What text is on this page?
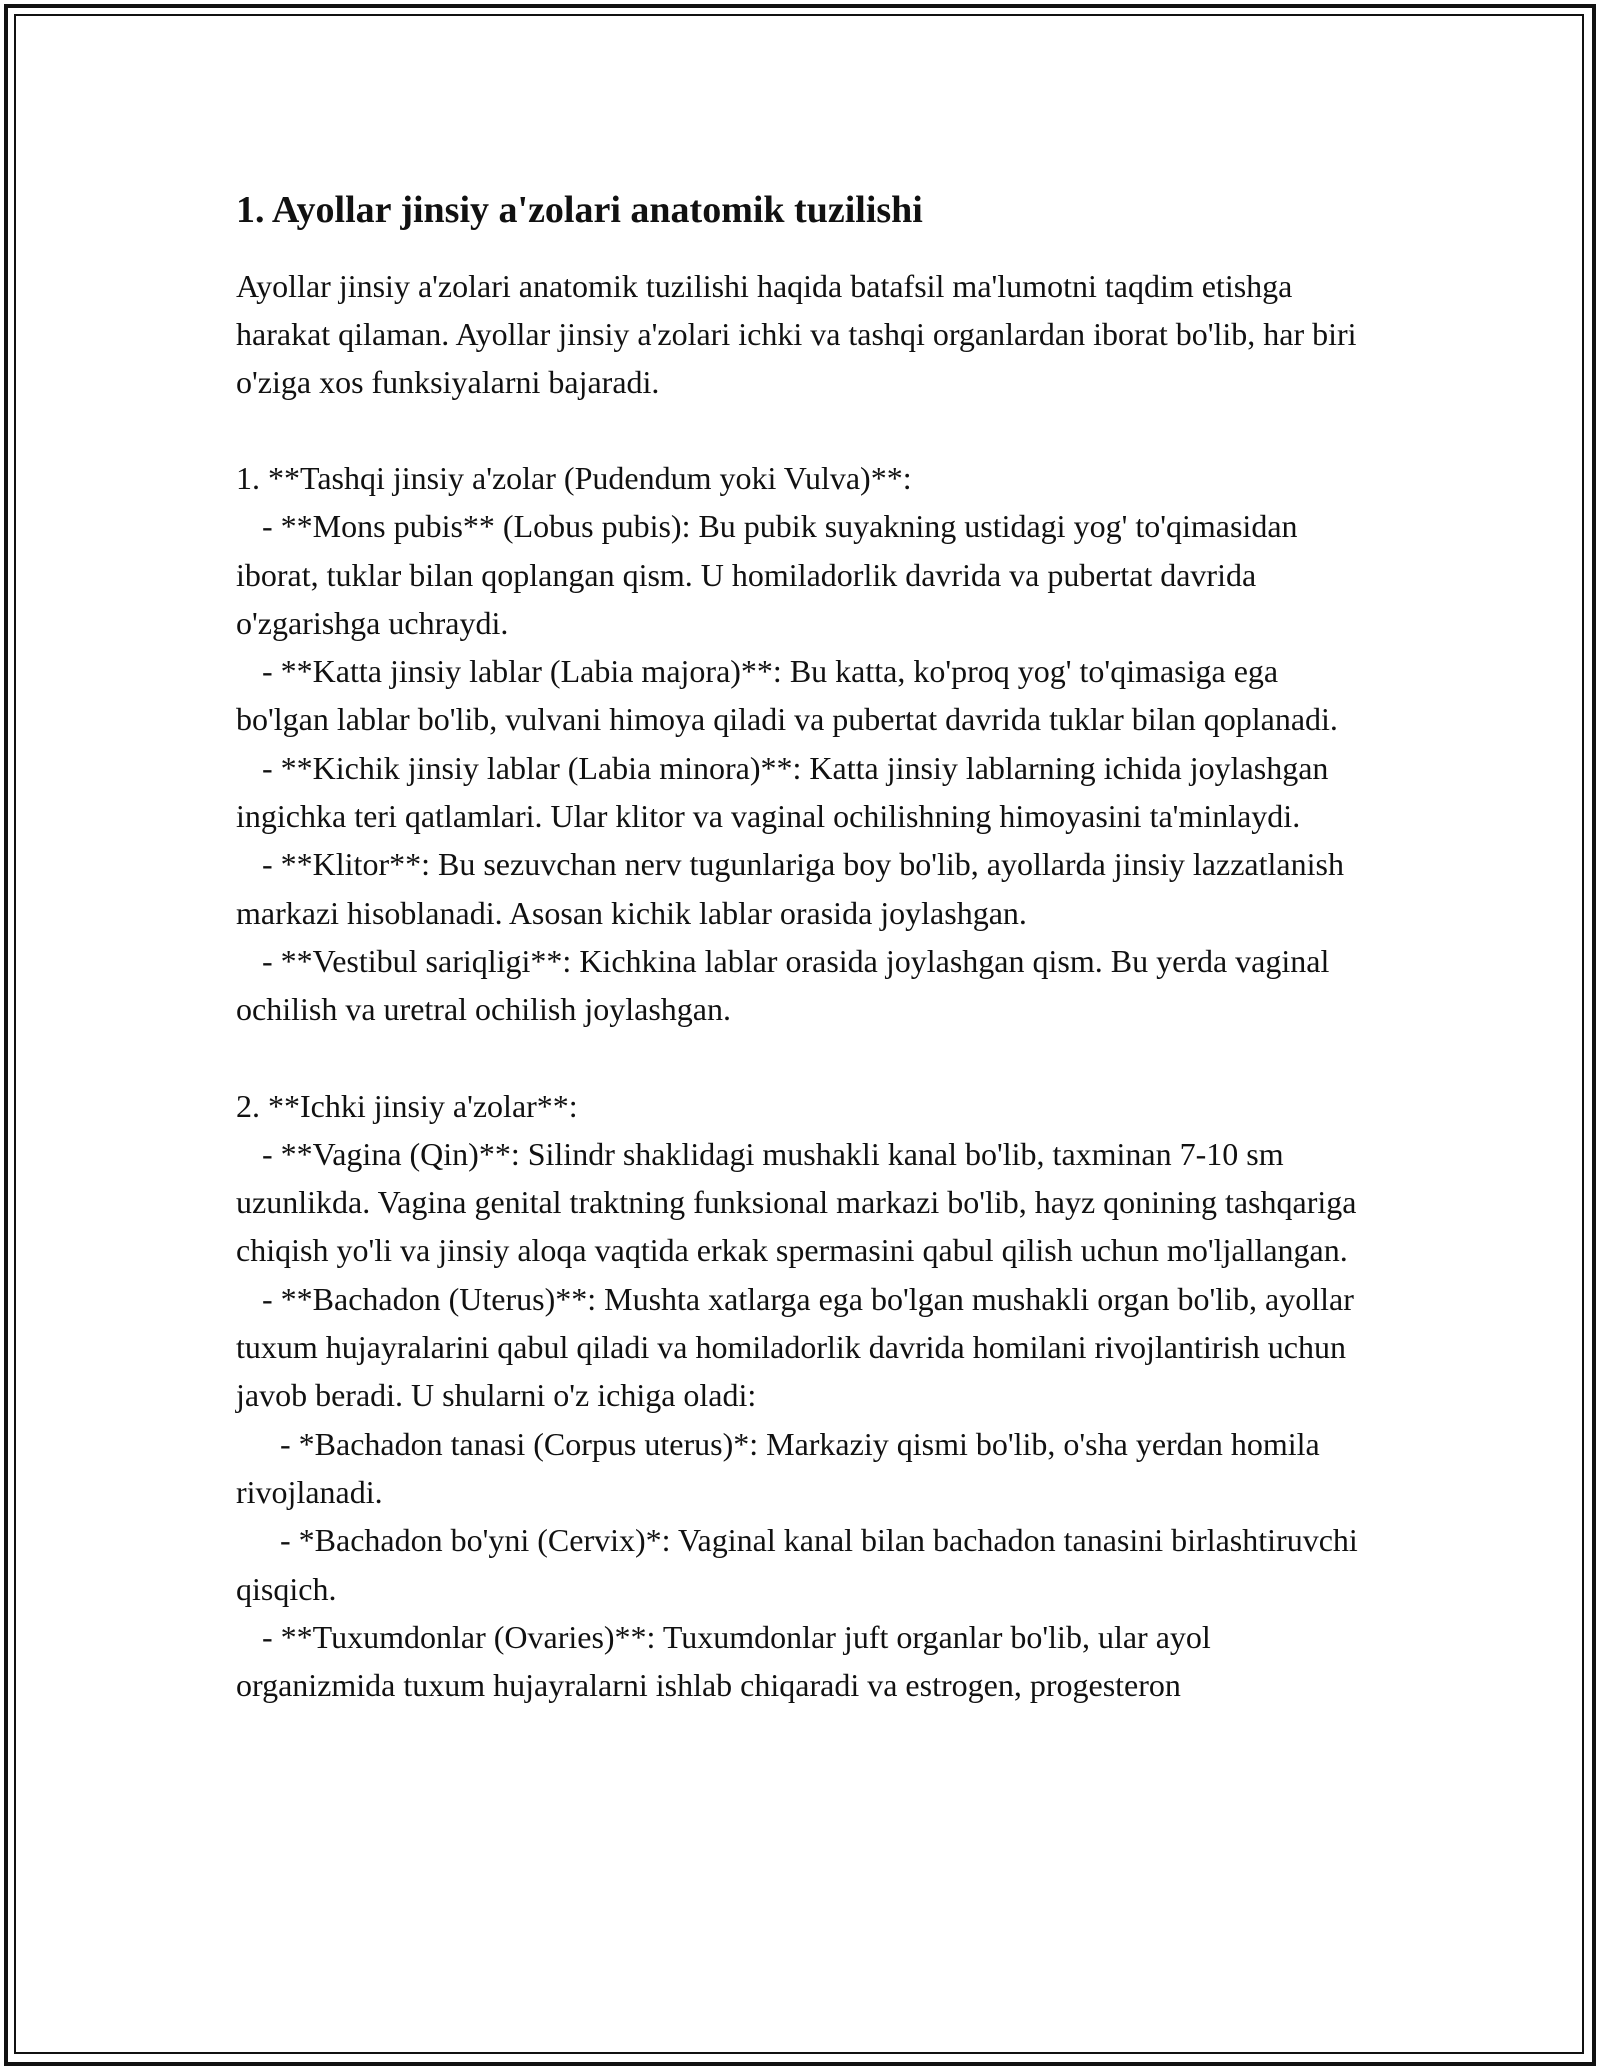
1. Ayollar jinsiy a'zolari anatomik tuzilishi

Ayollar jinsiy a'zolari anatomik tuzilishi haqida batafsil ma'lumotni taqdim etishga harakat qilaman. Ayollar jinsiy a'zolari ichki va tashqi organlardan iborat bo'lib, har biri o'ziga xos funksiyalarni bajaradi.

1. **Tashqi jinsiy a'zolar (Pudendum yoki Vulva)**:

- **Mons pubis** (Lobus pubis): Bu pubik suyakning ustidagi yog' to'qimasidan iborat, tuklar bilan qoplangan qism. U homiladorlik davrida va pubertat davrida o'zgarishga uchraydi.

- **Katta jinsiy lablar (Labia majora)**: Bu katta, ko'proq yog' to'qimasiga ega bo'lgan lablar bo'lib, vulvani himoya qiladi va pubertat davrida tuklar bilan qoplanadi.

- **Kichik jinsiy lablar (Labia minora)**: Katta jinsiy lablarning ichida joylashgan ingichka teri qatlamlari. Ular klitor va vaginal ochilishning himoyasini ta'minlaydi.

- **Klitor**: Bu sezuvchan nerv tugunlariga boy bo'lib, ayollarda jinsiy lazzatlanish markazi hisoblanadi. Asosan kichik lablar orasida joylashgan.

- **Vestibul sariqligi**: Kichkina lablar orasida joylashgan qism. Bu yerda vaginal ochilish va uretral ochilish joylashgan.

2. **Ichki jinsiy a'zolar**:

- **Vagina (Qin)**: Silindr shaklidagi mushakli kanal bo'lib, taxminan 7-10 sm uzunlikda. Vagina genital traktning funksional markazi bo'lib, hayz qonining tashqariga chiqish yo'li va jinsiy aloqa vaqtida erkak spermasini qabul qilish uchun mo'ljallangan.

- **Bachadon (Uterus)**: Mushta xatlarga ega bo'lgan mushakli organ bo'lib, ayollar tuxum hujayralarini qabul qiladi va homiladorlik davrida homilani rivojlantirish uchun javob beradi. U shularni o'z ichiga oladi:

- *Bachadon tanasi (Corpus uterus)*: Markaziy qismi bo'lib, o'sha yerdan homila rivojlanadi.

- *Bachadon bo'yni (Cervix)*: Vaginal kanal bilan bachadon tanasini birlashtiruvchi qisqich.

- **Tuxumdonlar (Ovaries)**: Tuxumdonlar juft organlar bo'lib, ular ayol organizmida tuxum hujayralarni ishlab chiqaradi va estrogen, progesteron
